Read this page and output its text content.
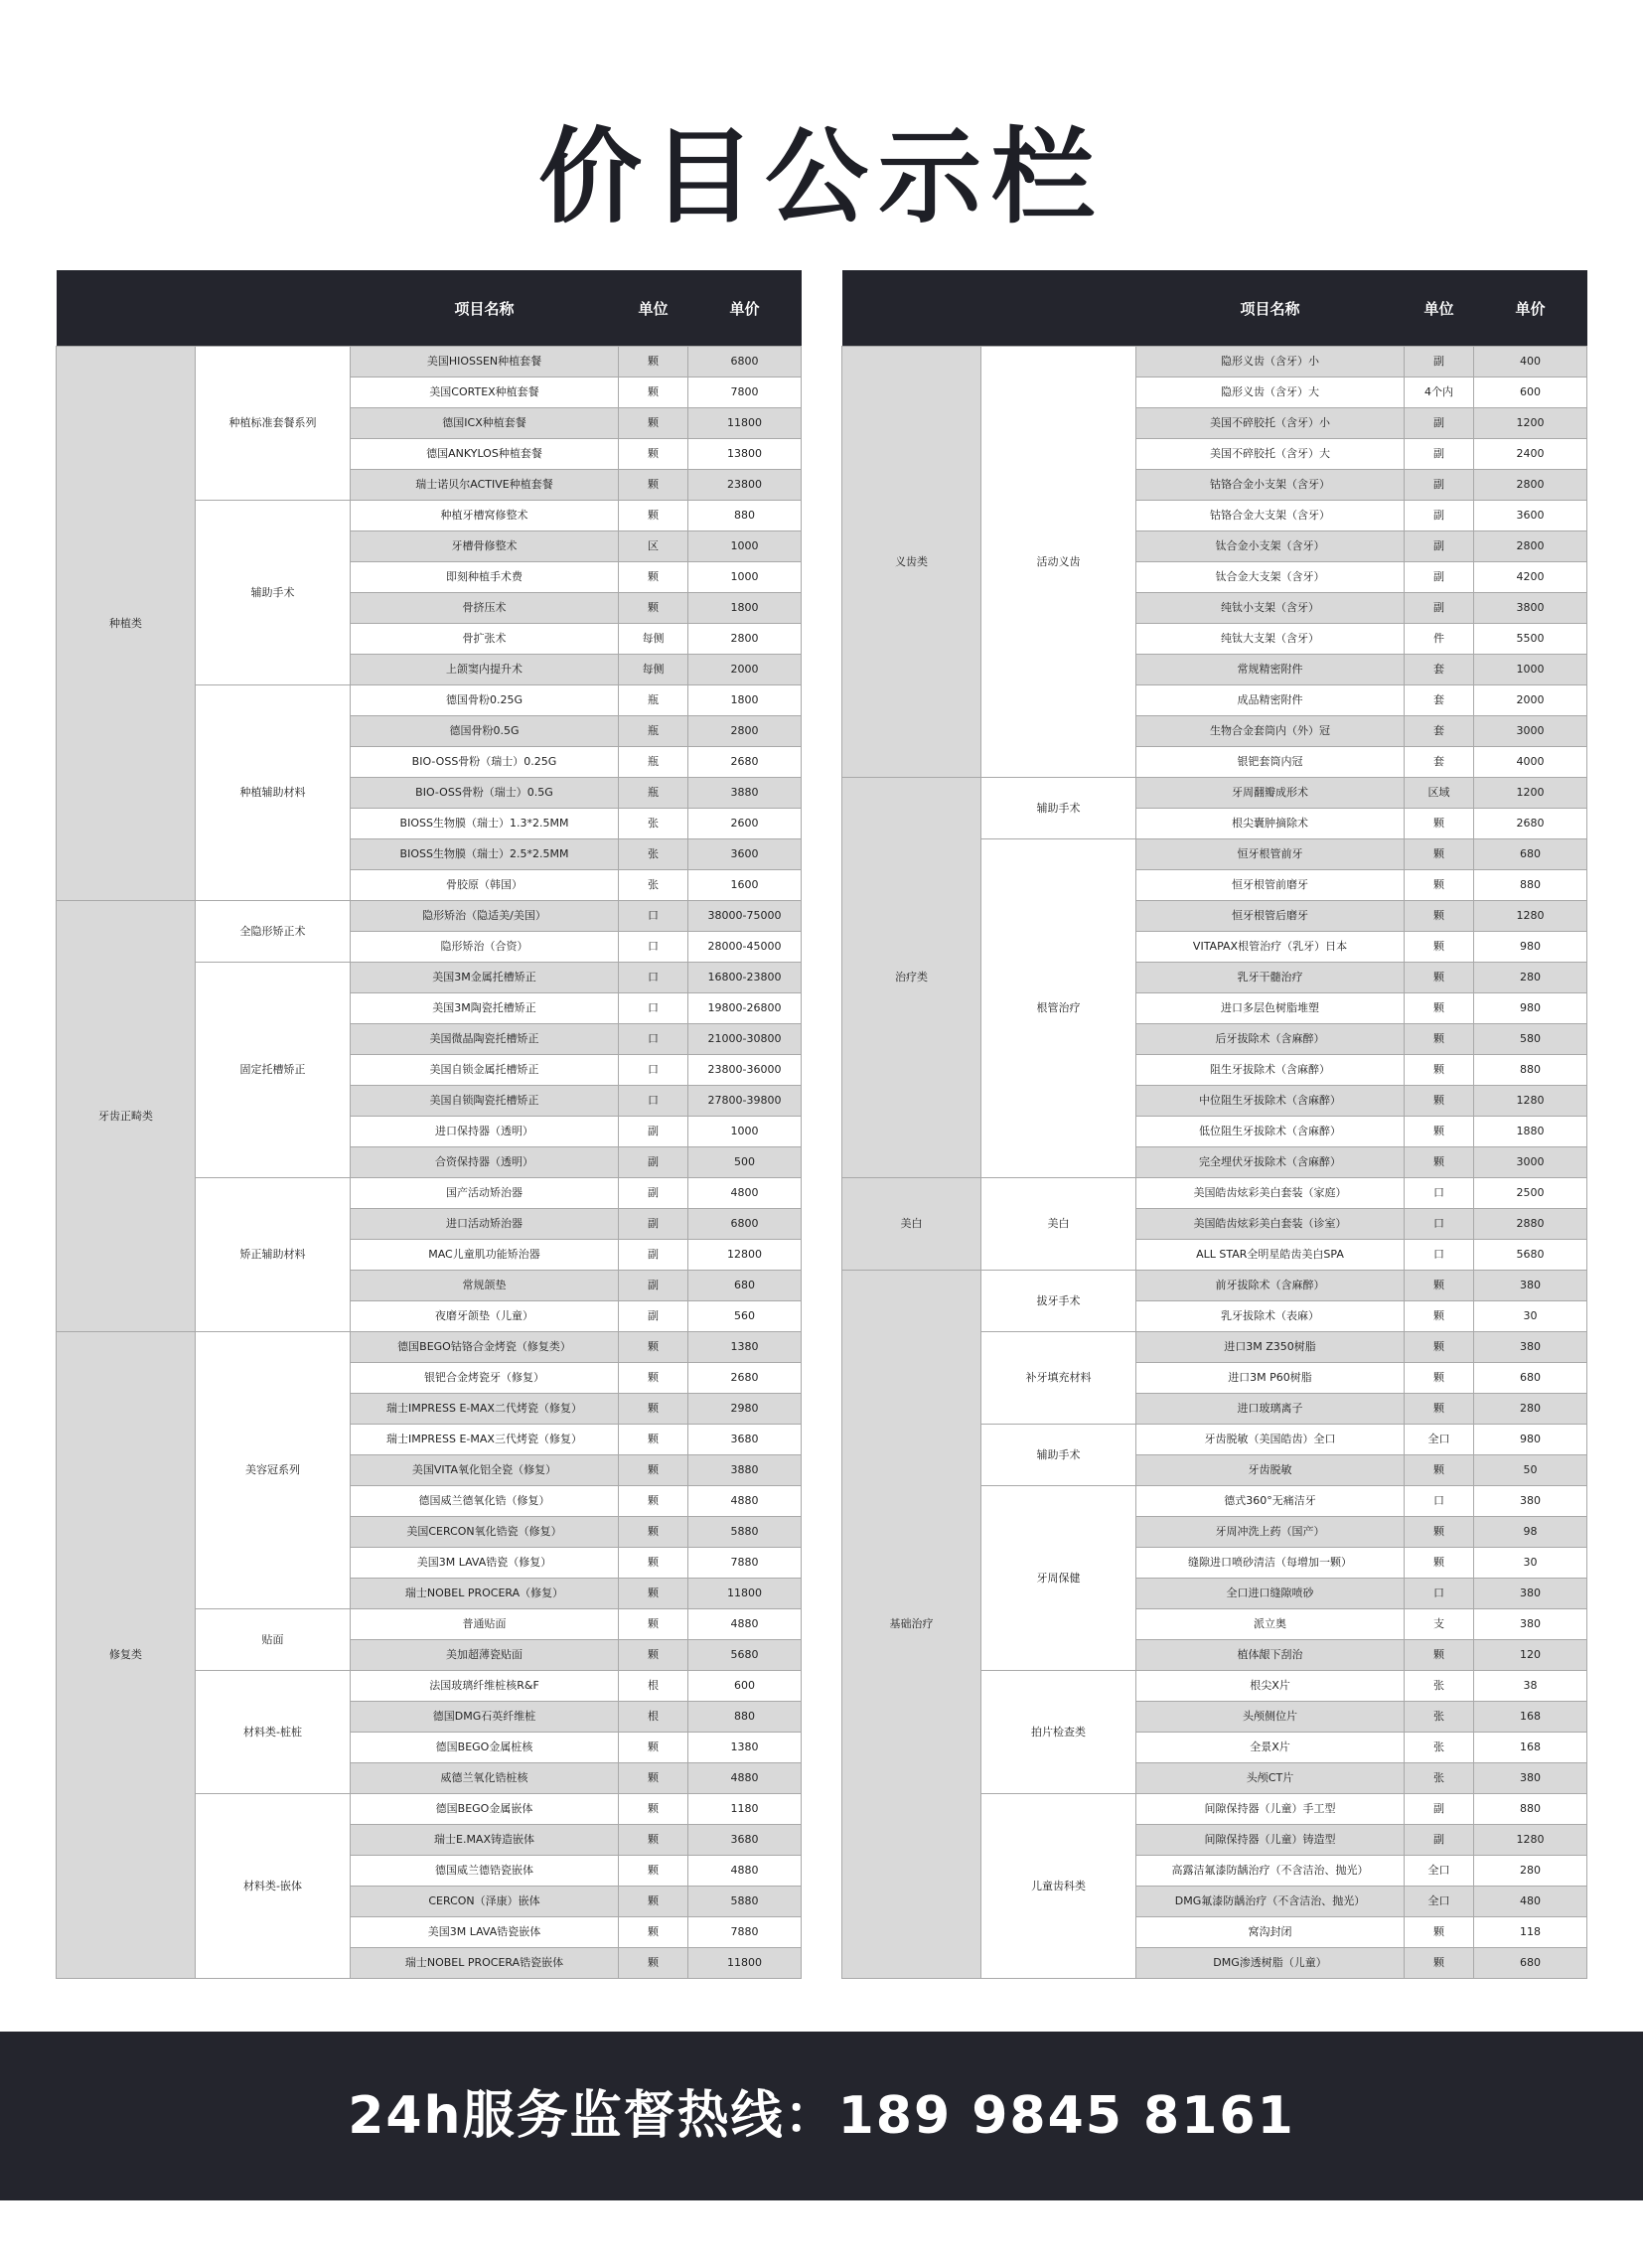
价目公示栏
		项目名称	单位	单价
种植类	种植标准套餐系列	美国HIOSSEN种植套餐	颗	6800
		美国CORTEX种植套餐	颗	7800
		德国ICX种植套餐	颗	11800
		德国ANKYLOS种植套餐	颗	13800
		瑞士诺贝尔ACTIVE种植套餐	颗	23800
	辅助手术	种植牙槽窝修整术	颗	880
		牙槽骨修整术	区	1000
		即刻种植手术费	颗	1000
		骨挤压术	颗	1800
		骨扩张术	每侧	2800
		上颌窦内提升术	每侧	2000
	种植辅助材料	德国骨粉0.25G	瓶	1800
		德国骨粉0.5G	瓶	2800
		BIO-OSS骨粉（瑞士）0.25G	瓶	2680
		BIO-OSS骨粉（瑞士）0.5G	瓶	3880
		BIOSS生物膜（瑞士）1.3*2.5MM	张	2600
		BIOSS生物膜（瑞士）2.5*2.5MM	张	3600
		骨胶原（韩国）	张	1600
牙齿正畸类	全隐形矫正术	隐形矫治（隐适美/美国）	口	38000-75000
		隐形矫治（合资）	口	28000-45000
	固定托槽矫正	美国3M金属托槽矫正	口	16800-23800
		美国3M陶瓷托槽矫正	口	19800-26800
		美国微晶陶瓷托槽矫正	口	21000-30800
		美国自锁金属托槽矫正	口	23800-36000
		美国自锁陶瓷托槽矫正	口	27800-39800
		进口保持器（透明）	副	1000
		合资保持器（透明）	副	500
	矫正辅助材料	国产活动矫治器	副	4800
		进口活动矫治器	副	6800
		MAC儿童肌功能矫治器	副	12800
		常规颌垫	副	680
		夜磨牙颌垫（儿童）	副	560
修复类	美容冠系列	德国BEGO钴铬合金烤瓷（修复类）	颗	1380
		银钯合金烤瓷牙（修复）	颗	2680
		瑞士IMPRESS E-MAX二代烤瓷（修复）	颗	2980
		瑞士IMPRESS E-MAX三代烤瓷（修复）	颗	3680
		美国VITA氧化铝全瓷（修复）	颗	3880
		德国威兰德氧化锆（修复）	颗	4880
		美国CERCON氧化锆瓷（修复）	颗	5880
		美国3M LAVA锆瓷（修复）	颗	7880
		瑞士NOBEL PROCERA（修复）	颗	11800
	贴面	普通贴面	颗	4880
		美加超薄瓷贴面	颗	5680
	材料类-桩桩	法国玻璃纤维桩核R&F	根	600
		德国DMG石英纤维桩	根	880
		德国BEGO金属桩核	颗	1380
		威德兰氧化锆桩核	颗	4880
	材料类-嵌体	德国BEGO金属嵌体	颗	1180
		瑞士E.MAX铸造嵌体	颗	3680
		德国威兰德锆瓷嵌体	颗	4880
		CERCON（泽康）嵌体	颗	5880
		美国3M LAVA锆瓷嵌体	颗	7880
		瑞士NOBEL PROCERA锆瓷嵌体	颗	11800
		项目名称	单位	单价
义齿类	活动义齿	隐形义齿（含牙）小	副	400
		隐形义齿（含牙）大	4个内	600
		美国不碎胶托（含牙）小	副	1200
		美国不碎胶托（含牙）大	副	2400
		钴铬合金小支架（含牙）	副	2800
		钴铬合金大支架（含牙）	副	3600
		钛合金小支架（含牙）	副	2800
		钛合金大支架（含牙）	副	4200
		纯钛小支架（含牙）	副	3800
		纯钛大支架（含牙）	件	5500
		常规精密附件	套	1000
		成品精密附件	套	2000
		生物合金套筒内（外）冠	套	3000
		银钯套筒内冠	套	4000
治疗类	辅助手术	牙周翻瓣成形术	区域	1200
		根尖囊肿摘除术	颗	2680
	根管治疗	恒牙根管前牙	颗	680
		恒牙根管前磨牙	颗	880
		恒牙根管后磨牙	颗	1280
		VITAPAX根管治疗（乳牙）日本	颗	980
		乳牙干髓治疗	颗	280
		进口多层色树脂堆塑	颗	980
		后牙拔除术（含麻醉）	颗	580
		阻生牙拔除术（含麻醉）	颗	880
		中位阻生牙拔除术（含麻醉）	颗	1280
		低位阻生牙拔除术（含麻醉）	颗	1880
		完全埋伏牙拔除术（含麻醉）	颗	3000
美白	美白	美国皓齿炫彩美白套装（家庭）	口	2500
		美国皓齿炫彩美白套装（诊室）	口	2880
		ALL STAR全明星皓齿美白SPA	口	5680
基础治疗	拔牙手术	前牙拔除术（含麻醉）	颗	380
		乳牙拔除术（表麻）	颗	30
	补牙填充材料	进口3M Z350树脂	颗	380
		进口3M P60树脂	颗	680
		进口玻璃离子	颗	280
	辅助手术	牙齿脱敏（美国皓齿）全口	全口	980
		牙齿脱敏	颗	50
	牙周保健	德式360°无痛洁牙	口	380
		牙周冲洗上药（国产）	颗	98
		缝隙进口喷砂清洁（每增加一颗）	颗	30
		全口进口缝隙喷砂	口	380
		派立奥	支	380
		植体龈下刮治	颗	120
	拍片检查类	根尖X片	张	38
		头颅侧位片	张	168
		全景X片	张	168
		头颅CT片	张	380
	儿童齿科类	间隙保持器（儿童）手工型	副	880
		间隙保持器（儿童）铸造型	副	1280
		高露洁氟漆防龋治疗（不含洁治、抛光）	全口	280
		DMG氟漆防龋治疗（不含洁治、抛光）	全口	480
		窝沟封闭	颗	118
		DMG渗透树脂（儿童）	颗	680
24h服务监督热线：189 9845 8161
